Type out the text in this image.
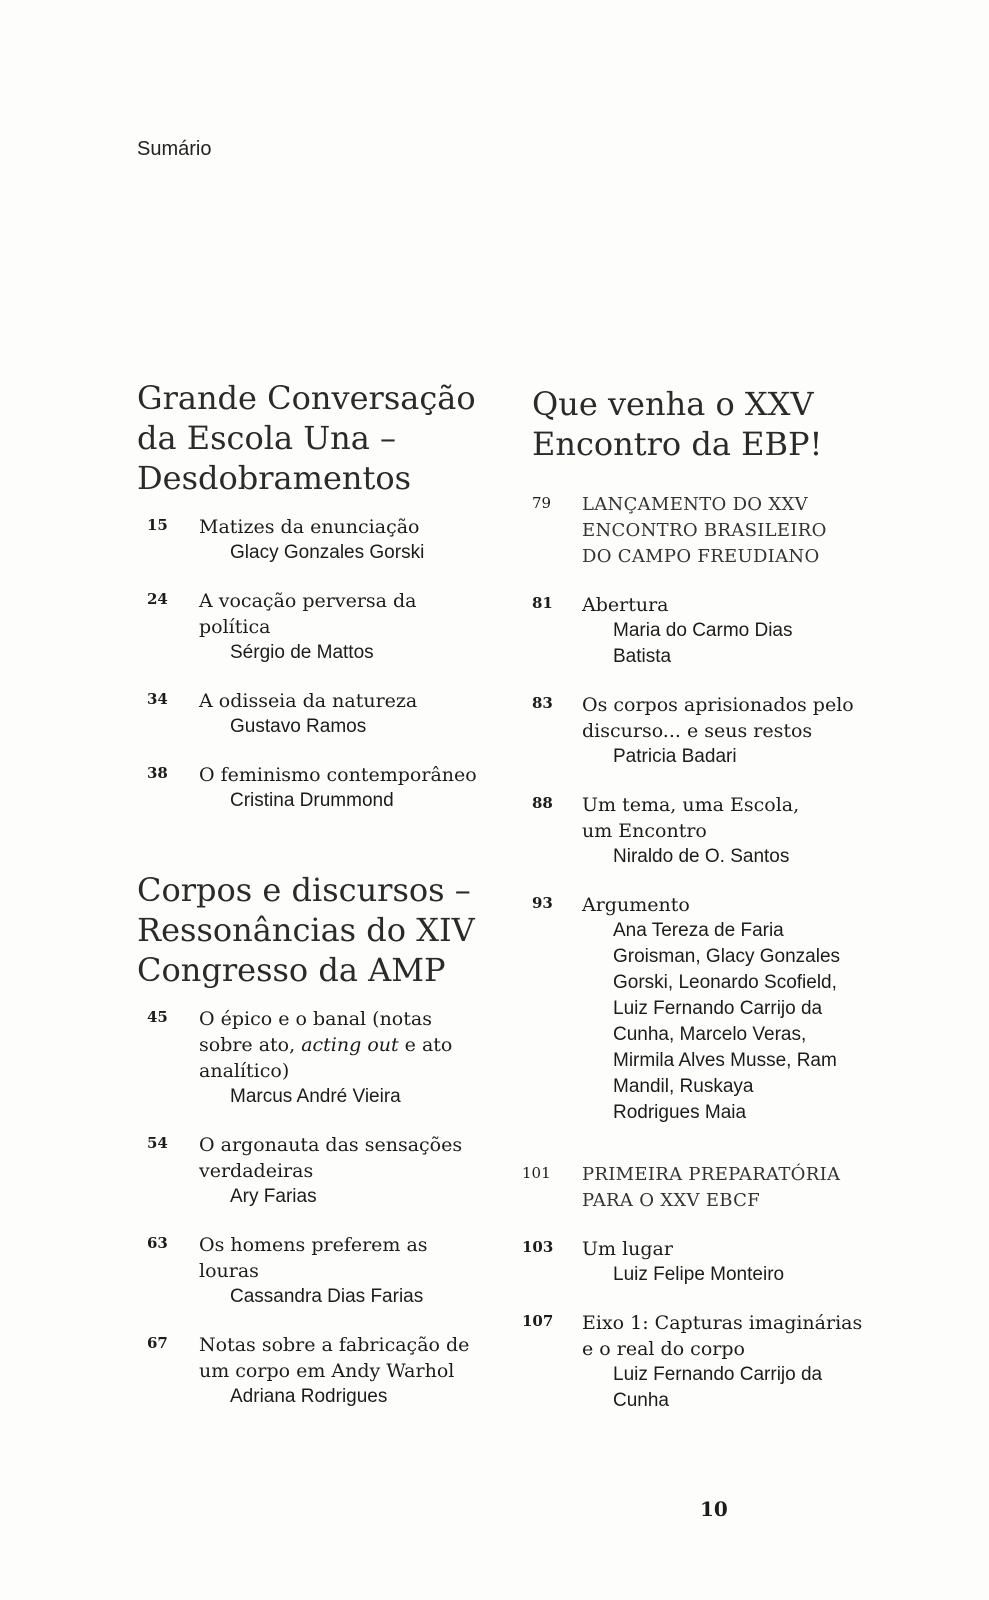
Sumário
Grande Conversação
da Escola Una –
Desdobramentos
15	Matizes da enunciação
Glacy Gonzales Gorski
24	A vocação perversa da política
Sérgio de Mattos
34	A odisseia da natureza
Gustavo Ramos
38	O feminismo contemporâneo
Cristina Drummond
Corpos e discursos –
Ressonâncias do XIV
Congresso da AMP
45	O épico e o banal (notas sobre ato, acting out e ato analítico)
Marcus André Vieira
54	O argonauta das sensações verdadeiras
Ary Farias
63	Os homens preferem as louras
Cassandra Dias Farias
67	Notas sobre a fabricação de um corpo em Andy Warhol
Adriana Rodrigues
Que venha o XXV
Encontro da EBP!
79	LANÇAMENTO DO XXV ENCONTRO BRASILEIRO DO CAMPO FREUDIANO
81	Abertura
Maria do Carmo Dias Batista
83	Os corpos aprisionados pelo discurso... e seus restos
Patricia Badari
88	Um tema, uma Escola, um Encontro
Niraldo de O. Santos
93	Argumento
Ana Tereza de Faria Groisman, Glacy Gonzales Gorski, Leonardo Scofield, Luiz Fernando Carrijo da Cunha, Marcelo Veras, Mirmila Alves Musse, Ram Mandil, Ruskaya Rodrigues Maia
101	PRIMEIRA PREPARATÓRIA PARA O XXV EBCF
103	Um lugar
Luiz Felipe Monteiro
107	Eixo 1: Capturas imaginárias e o real do corpo
Luiz Fernando Carrijo da Cunha
10
